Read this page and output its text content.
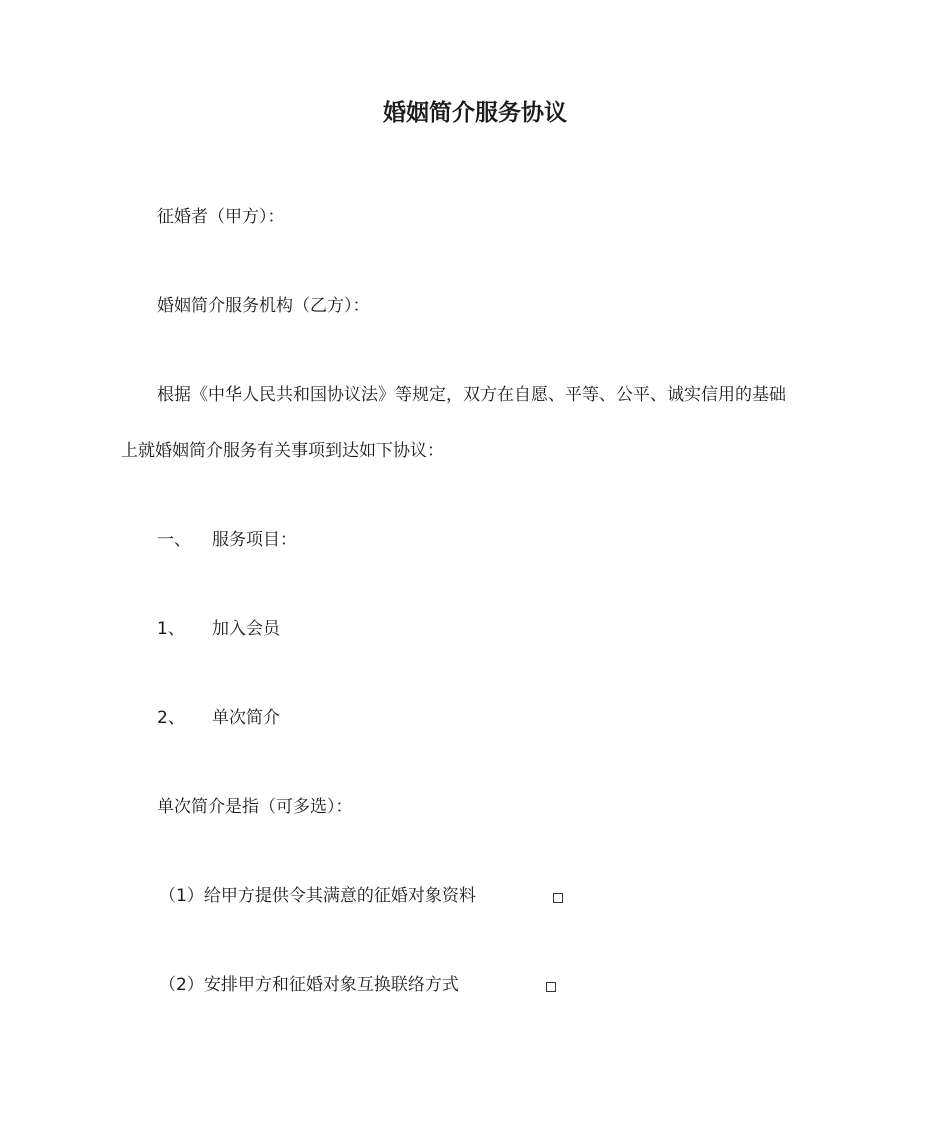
婚姻简介服务协议
征婚者（甲方）：
婚姻简介服务机构（乙方）：
根据《中华人民共和国协议法》等规定，双方在自愿、平等、公平、诚实信用的基础
上就婚姻简介服务有关事项到达如下协议：
一、 服务项目：
1、 加入会员
2、 单次简介
单次简介是指（可多选）：
（1）给甲方提供令其满意的征婚对象资料
（2）安排甲方和征婚对象互换联络方式
